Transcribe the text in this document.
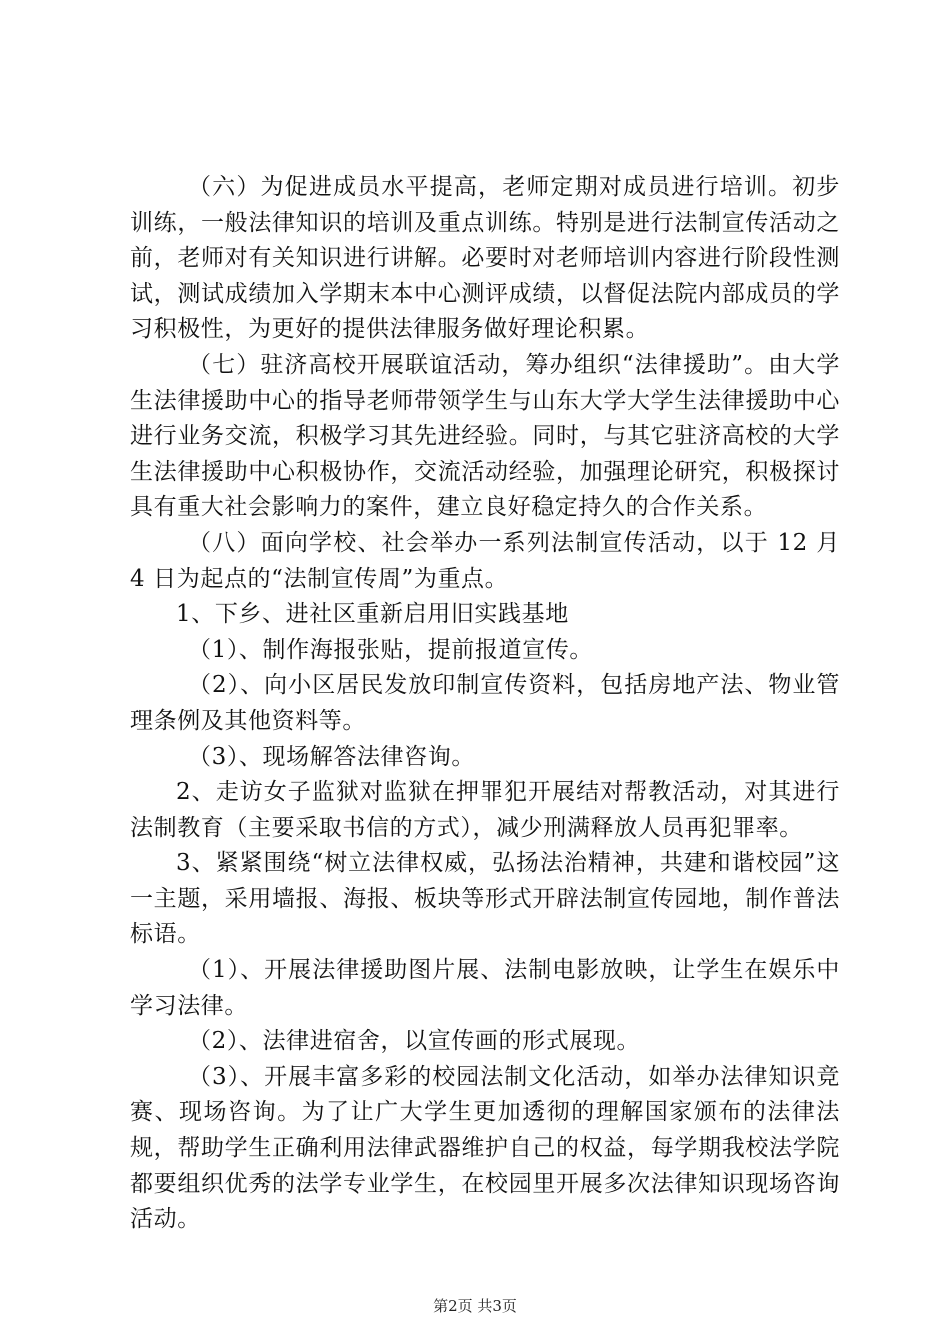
（六）为促进成员水平提高，老师定期对成员进行培训。初步训练，一般法律知识的培训及重点训练。特别是进行法制宣传活动之前，老师对有关知识进行讲解。必要时对老师培训内容进行阶段性测试，测试成绩加入学期末本中心测评成绩，以督促法院内部成员的学习积极性，为更好的提供法律服务做好理论积累。

（七）驻济高校开展联谊活动，筹办组织“法律援助”。由大学生法律援助中心的指导老师带领学生与山东大学大学生法律援助中心进行业务交流，积极学习其先进经验。同时，与其它驻济高校的大学生法律援助中心积极协作，交流活动经验，加强理论研究，积极探讨具有重大社会影响力的案件，建立良好稳定持久的合作关系。

（八）面向学校、社会举办一系列法制宣传活动，以于 12 月 4 日为起点的“法制宣传周”为重点。

1、下乡、进社区重新启用旧实践基地

（1）、制作海报张贴，提前报道宣传。

（2）、向小区居民发放印制宣传资料，包括房地产法、物业管理条例及其他资料等。

（3）、现场解答法律咨询。

2、走访女子监狱对监狱在押罪犯开展结对帮教活动，对其进行法制教育（主要采取书信的方式），减少刑满释放人员再犯罪率。

3、紧紧围绕“树立法律权威，弘扬法治精神，共建和谐校园”这一主题，采用墙报、海报、板块等形式开辟法制宣传园地，制作普法标语。

（1）、开展法律援助图片展、法制电影放映，让学生在娱乐中学习法律。

（2）、法律进宿舍，以宣传画的形式展现。

（3）、开展丰富多彩的校园法制文化活动，如举办法律知识竞赛、现场咨询。为了让广大学生更加透彻的理解国家颁布的法律法规，帮助学生正确利用法律武器维护自己的权益，每学期我校法学院都要组织优秀的法学专业学生，在校园里开展多次法律知识现场咨询活动。

第2页 共3页
